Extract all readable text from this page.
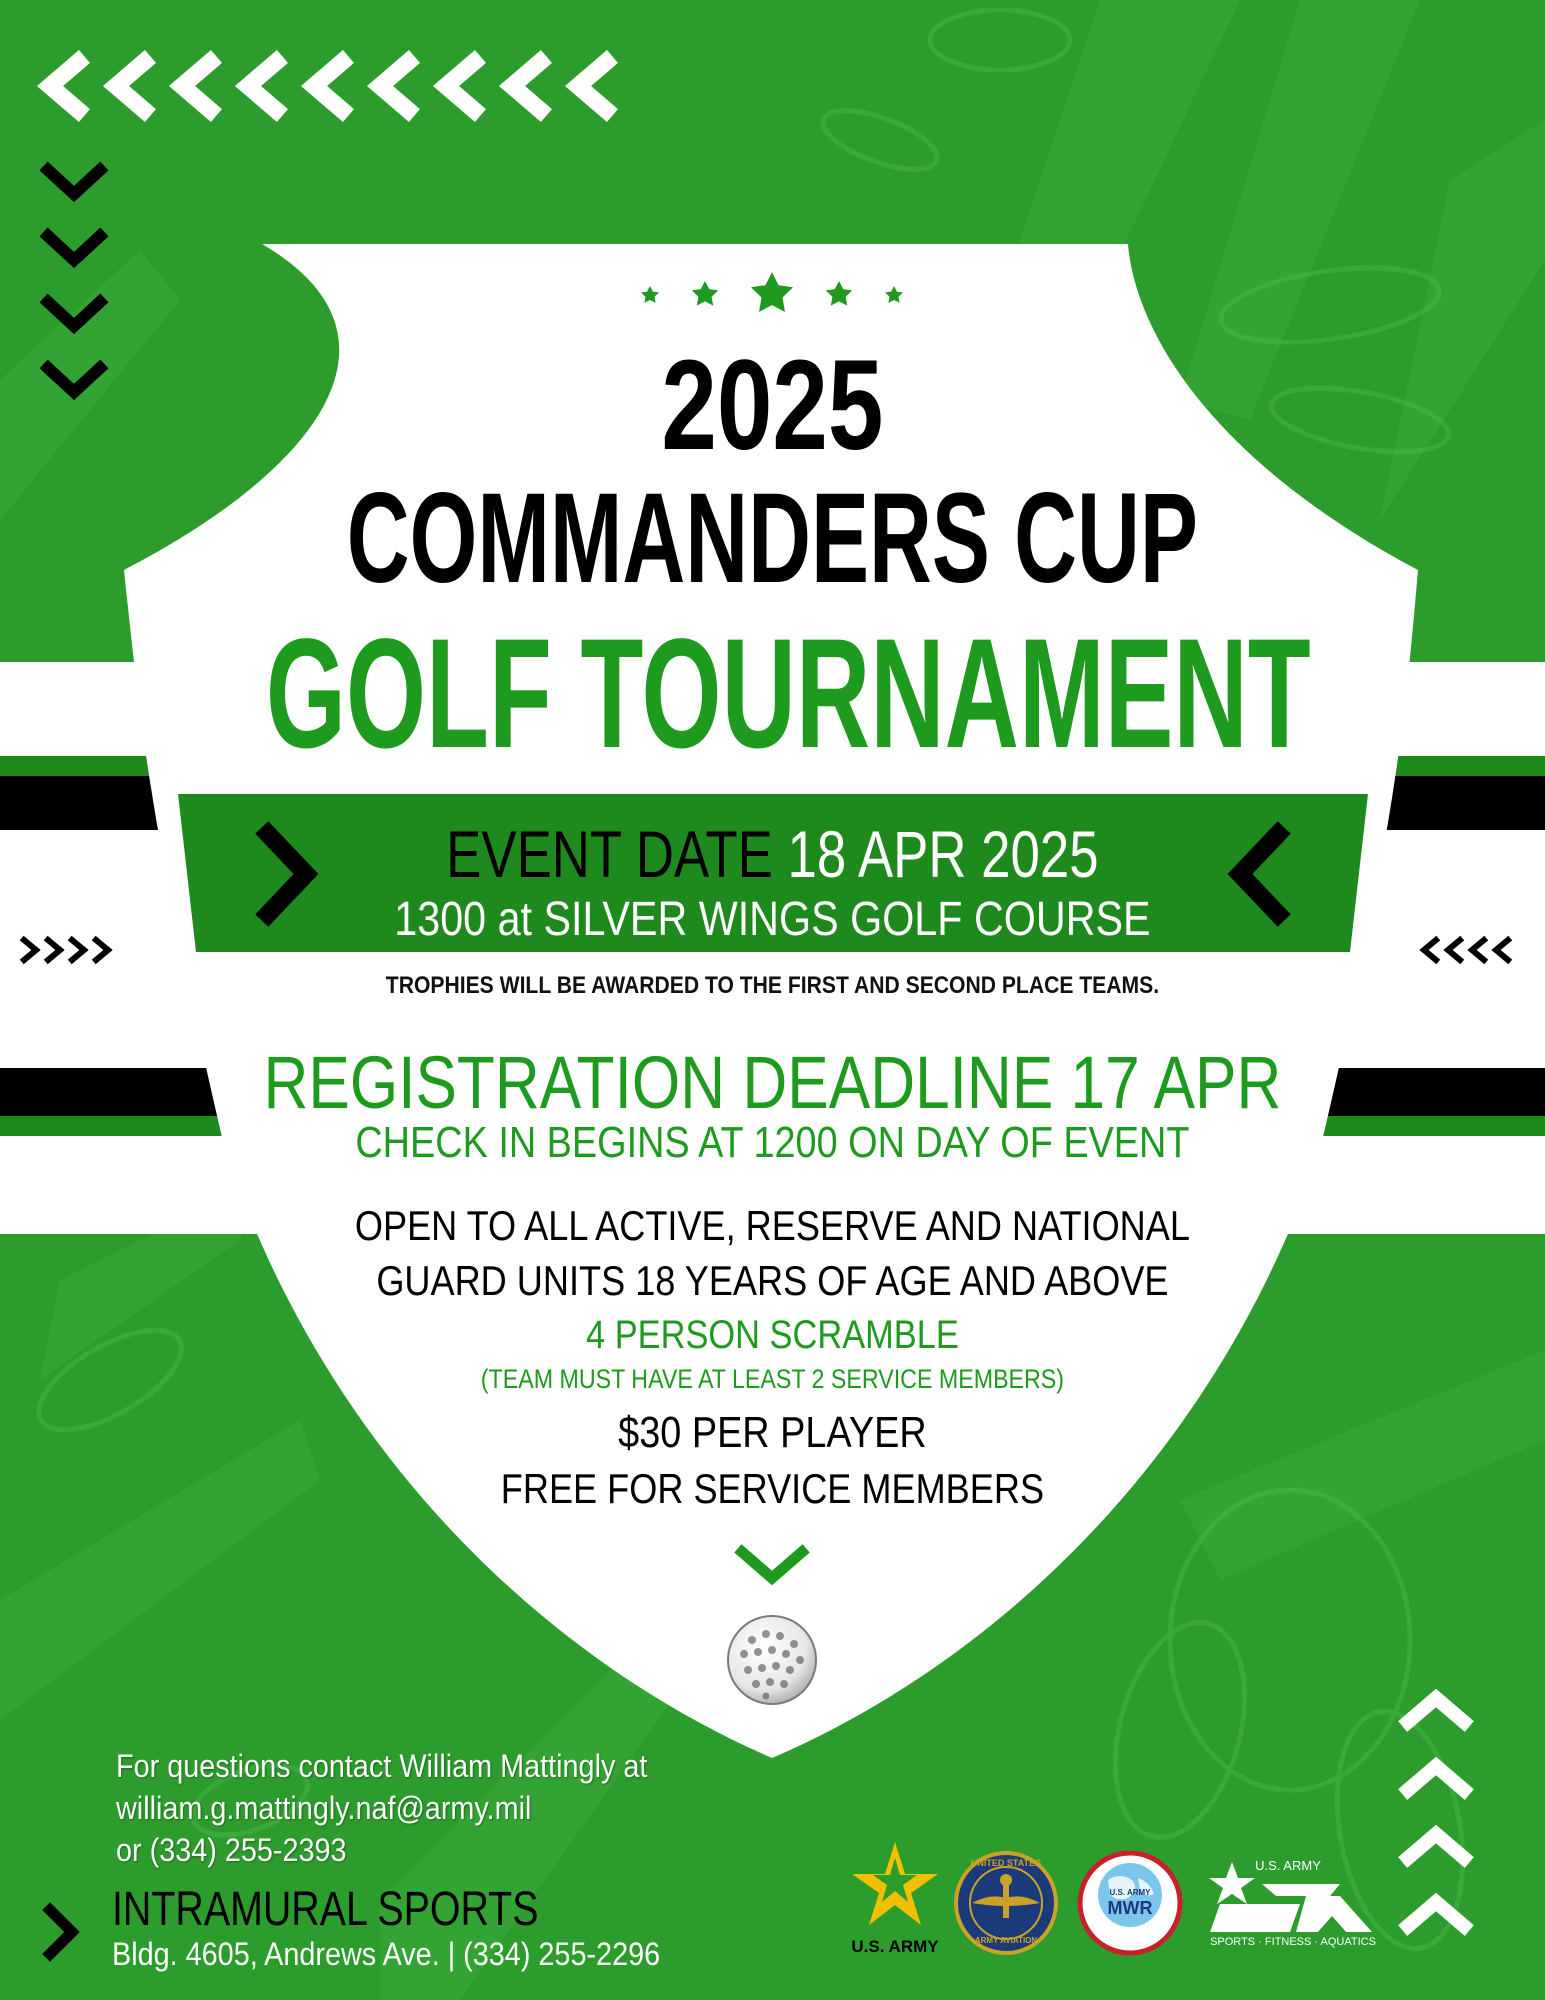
2025
COMMANDERS CUP
GOLF TOURNAMENT
EVENT DATE 18 APR 2025
1300 at SILVER WINGS GOLF COURSE
TROPHIES WILL BE AWARDED TO THE FIRST AND SECOND PLACE TEAMS.
REGISTRATION DEADLINE 17 APR
CHECK IN BEGINS AT 1200 ON DAY OF EVENT
OPEN TO ALL ACTIVE, RESERVE AND NATIONAL
GUARD UNITS 18 YEARS OF AGE AND ABOVE
4 PERSON SCRAMBLE
(TEAM MUST HAVE AT LEAST 2 SERVICE MEMBERS)
$30 PER PLAYER
FREE FOR SERVICE MEMBERS
For questions contact William Mattingly at
william.g.mattingly.naf@army.mil
or (334) 255-2393
INTRAMURAL SPORTS
Bldg. 4605, Andrews Ave. | (334) 255-2296	U.S. ARMY
UNITED STATES
ARMY AVIATION
U.S. ARMY
MWR
U.S. ARMY
SPORTS · FITNESS · AQUATICS
